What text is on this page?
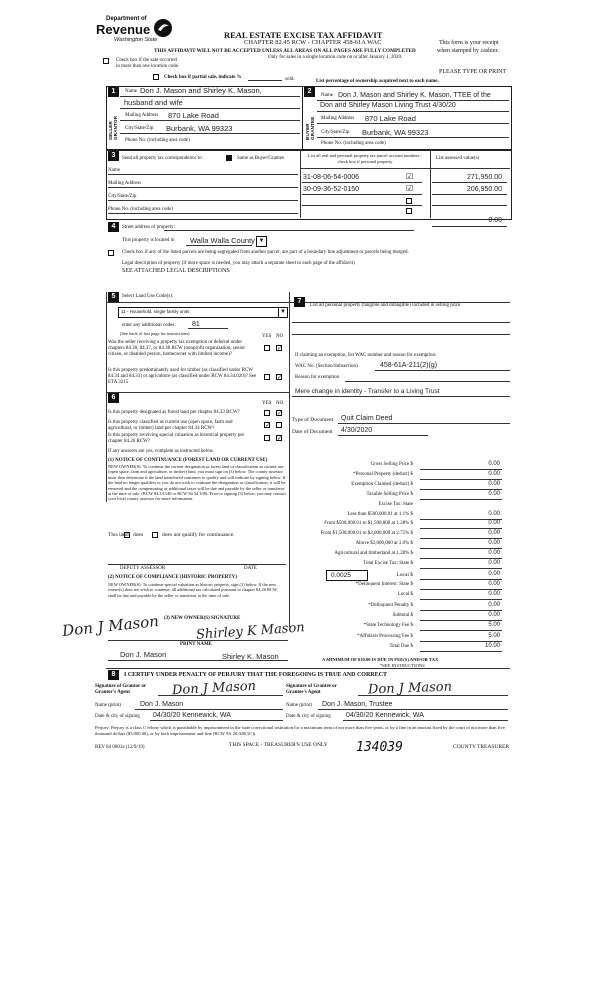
Department of
Revenue
Washington State	REAL ESTATE EXCISE TAX AFFIDAVIT
CHAPTER 82.45 RCW - CHAPTER 458-61A WAC
THIS AFFIDAVIT WILL NOT BE ACCEPTED UNLESS ALL AREAS ON ALL PAGES ARE FULLY COMPLETED
Only for sales in a single location code on or after January 1, 2020.
This form is your receipt
when stamped by cashier.
PLEASE TYPE OR PRINT
Check box if the sale occurred
in more than one location code.
Check box if partial sale, indicate %	sold.	List percentage of ownership acquired next to each name.
1
SELLER GRANTOR
Name Don J. Mason and Shirley K. Mason,
husband and wife
Mailing Address 870 Lake Road
City/State/Zip Burbank, WA 99323
Phone No. (including area code)
2
BUYER GRANTEE
Name Don J. Mason and Shirley K. Mason, TTEE of the
Don and Shirley Mason Living Trust 4/30/20
Mailing Address 870 Lake Road
City/State/Zip Burbank, WA 99323
Phone No. (including area code)
3	Send all property tax correspondence to:	Same as Buyer/Grantee
Name
Mailing Address
City/State/Zip
Phone No. (including area code)
List all real and personal property tax parcel account numbers - check box if personal property	List assessed value(s)
31-08-06-54-0006	☑	271,950.00
30-09-36-52-0150	☑	206,950.00
0.00
4	Street address of property:
This property is located in Walla Walla County ▼
Check box if any of the listed parcels are being segregated from another parcel, are part of a boundary line adjustment or parcels being merged.
Legal description of property (if more space is needed, you may attach a separate sheet to each page of the affidavit)
SEE ATTACHED LEGAL DESCRIPTIONS
5	Select Land Use Code(s):
11 - Household, single family units	▼
enter any additional codes: 81
(See back of last page for instructions)
YES NO
Was the seller receiving a property tax exemption or deferral under chapters 84.36, 84.37, or 84.38 RCW (nonprofit organization, senior citizen, or disabled person, homeowner with limited income)?
✓
Is this property predominantly used for timber (as classified under RCW 84.34 and 84.33) or agriculture (as classified under RCW 84.34.020)? See ETA 3215
✓
6
YES NO
Is this property designated as forest land per chapter 84.33 RCW?	✓
Is this property classified as current use (open space, farm and agricultural, or timber) land per chapter 84.34 RCW?	✓
Is this property receiving special valuation as historical property per chapter 84.26 RCW?	✓
If any answers are yes, complete as instructed below.
(1) NOTICE OF CONTINUANCE (FOREST LAND OR CURRENT USE)
NEW OWNER(S): To continue the current designation as forest land or classification as current use (open space, farm and agriculture, or timber) land, you must sign on (3) below. The county assessor must then determine if the land transferred continues to qualify and will indicate by signing below. If the land no longer qualifies or you do not wish to continue the designation or classification, it will be removed and the compensating or additional taxes will be due and payable by the seller or transferor at the time of sale. (RCW 84.33.140 or RCW 84.34.108). Prior to signing (3) below, you may contact your local county assessor for more information.
This land does	does not qualify for continuance.
DEPUTY ASSESSOR	DATE
(2) NOTICE OF COMPLIANCE (HISTORIC PROPERTY)
NEW OWNER(S): To continue special valuation as historic property, sign (3) below. If the new owner(s) does not wish to continue, all additional tax calculated pursuant to chapter 84.26 RCW, shall be due and payable by the seller or transferor at the time of sale.
(3) NEW OWNER(S) SIGNATURE
Don J Mason	Shirley K Mason
PRINT NAME
Don J. Mason	Shirley K. Mason
7
List all personal property (tangible and intangible) included in selling price.
If claiming an exemption, list WAC number and reason for exemption:
WAC No. (Section/Subsection)	458-61A-211(2)(g)
Reason for exemption
Mere change in identity - Transfer to a Living Trust
Type of Document Quit Claim Deed
Date of Document 4/30/2020
Gross Selling Price $	0.00
*Personal Property (deduct) $	0.00
Exemption Claimed (deduct) $	0.00
Taxable Selling Price $	0.00
Excise Tax: State
Less than $500,000.01 at 1.1% $	0.00
From $500,000.01 to $1,500,000 at 1.28% $	0.00
From $1,500,000.01 to $3,000,000 at 2.75% $	0.00
Above $3,000,000 at 3.0% $	0.00
Agricultural and timberland at 1.28% $	0.00
Total Excise Tax: State $	0.00
0.0025	Local $	0.00
*Delinquent Interest: State $	0.00
Local $	0.00
*Delinquent Penalty $	0.00
Subtotal $	0.00
*State Technology Fee $	5.00
*Affidavit Processing Fee $	5.00
Total Due $	10.00
A MINIMUM OF $10.00 IS DUE IN FEE(S) AND/OR TAX
*SEE INSTRUCTIONS
8	I CERTIFY UNDER PENALTY OF PERJURY THAT THE FOREGOING IS TRUE AND CORRECT
Signature of Grantor or Grantor's Agent	Don J Mason	Signature of Grantee or Grantee's Agent	Don J Mason
Name (print)	Don J. Mason	Name (print) Don J. Mason, Trustee
Date & city of signing 04/30/20 Kennewick, WA	Date & city of signing 04/30/20 Kennewick, WA
Perjury: Perjury is a class C felony which is punishable by imprisonment in the state correctional institution for a maximum term of not more than five years, or by a fine in an amount fixed by the court of not more than five thousand dollars ($5,000.00), or by both imprisonment and fine (RCW 9A.20.020(1C)).
REV 84 0001a (12/9/19)	THIS SPACE - TREASURER'S USE ONLY 134039	COUNTY TREASURER
